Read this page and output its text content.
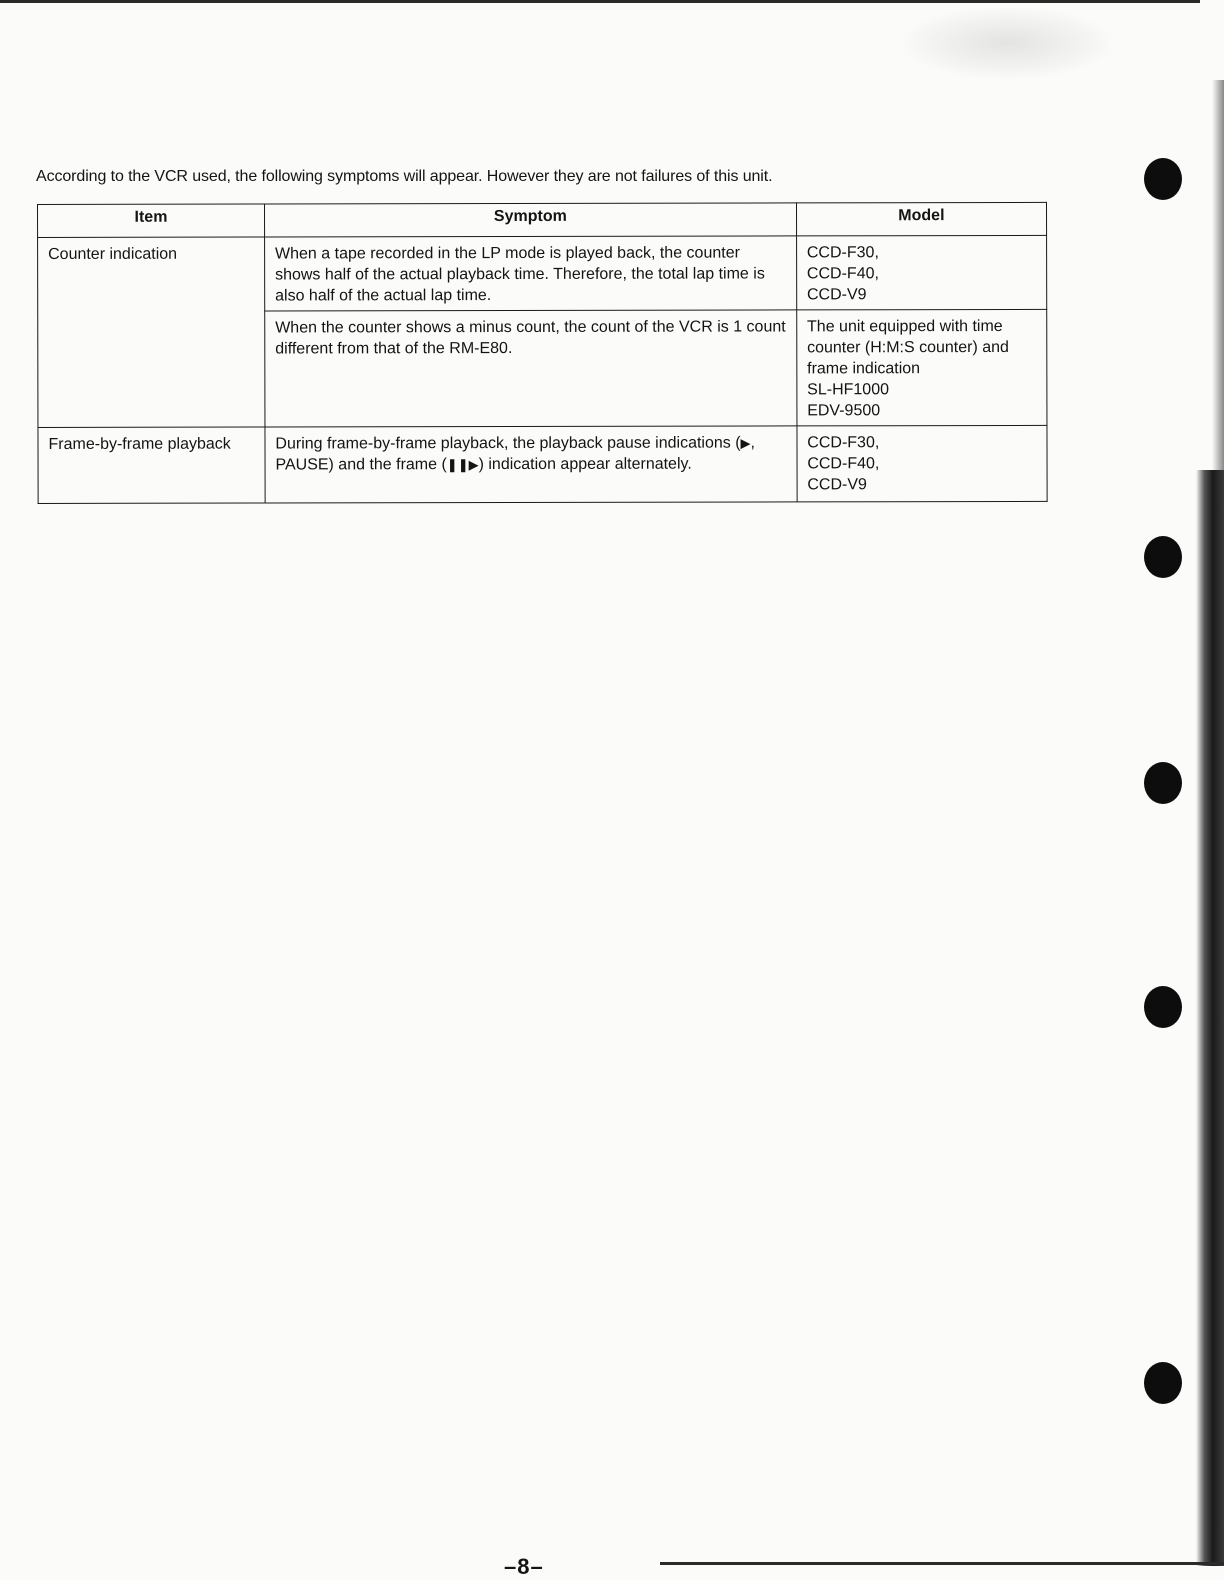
According to the VCR used, the following symptoms will appear. However they are not failures of this unit.

Item	Symptom	Model
Counter indication	When a tape recorded in the LP mode is played back, the counter shows half of the actual playback time. Therefore, the total lap time is also half of the actual lap time.	CCD-F30,
CCD-F40,
CCD-V9

	When the counter shows a minus count, the count of the VCR is 1 count different from that of the RM-E80.	The unit equipped with time counter (H:M:S counter) and frame indication
SL-HF1000
EDV-9500

Frame-by-frame playback	During frame-by-frame playback, the playback pause indications (▶, PAUSE) and the frame (❚❚▶) indication appear alternately.	CCD-F30,
CCD-F40,
CCD-V9
–8–
